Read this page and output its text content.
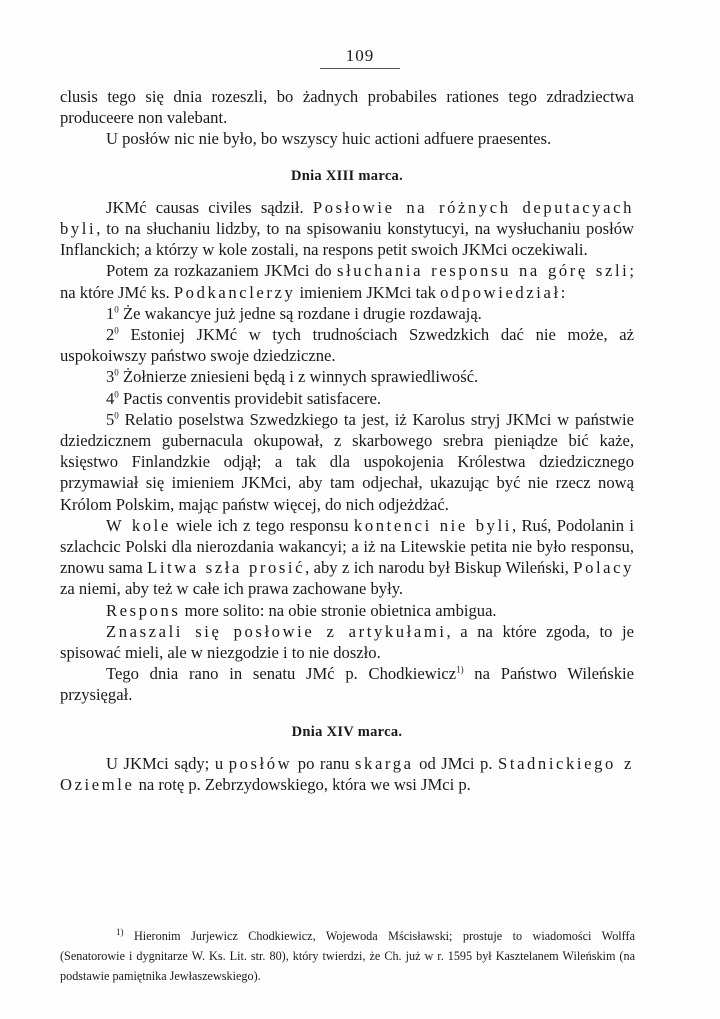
109

clusis tego się dnia rozeszli, bo żadnych probabiles rationes tego zdradziectwa produceere non valebant.

U posłów nic nie było, bo wszyscy huic actioni adfuere praesentes.

Dnia XIII marca.

JKMć causas civiles sądził. Posłowie na różnych deputacyach byli, to na słuchaniu lidzby, to na spisowaniu konstytucyi, na wysłuchaniu posłów Inflanckich; a którzy w kole zostali, na respons petit swoich JKMci oczekiwali.

Potem za rozkazaniem JKMci do słuchania responsu na górę szli; na które JMć ks. Podkanclerzy imieniem JKMci tak odpowiedział:

$1^0$ Że wakancye już jedne są rozdane i drugie rozdawają.

$2^0$ Estoniej JKMć w tych trudnościach Szwedzkich dać nie może, aż uspokoiwszy państwo swoje dziedziczne.

$3^0$ Żołnierze zniesieni będą i z winnych sprawiedliwość.

$4^0$ Pactis conventis providebit satisfacere.

$5^0$ Relatio poselstwa Szwedzkiego ta jest, iż Karolus stryj JKMci w państwie dziedzicznem gubernacula okupował, z skarbowego srebra pieniądze bić każe, księstwo Finlandzkie odjął; a tak dla uspokojenia Królestwa dziedzicznego przymawiał się imieniem JKMci, aby tam odjechał, ukazując być nie rzecz nową Królom Polskim, mając państw więcej, do nich odjeżdżać.

W kole wiele ich z tego responsu kontenci nie byli, Ruś, Podolanin i szlachcic Polski dla nierozdania wakancyi; a iż na Litewskie petita nie było responsu, znowu sama Litwa szła prosić, aby z ich narodu był Biskup Wileński, Polacy za niemi, aby też w całe ich prawa zachowane były.

Respons more solito: na obie stronie obietnica ambigua.

Znaszali się posłowie z artykułami, a na które zgoda, to je spisować mieli, ale w niezgodzie i to nie doszło.

Tego dnia rano in senatu JMć p. Chodkiewicz$^{1)}$ na Państwo Wileńskie przysięgał.

Dnia XIV marca.

U JKMci sądy; u posłów po ranu skarga od JMci p. Stadnickiego z Oziemle na rotę p. Zebrzydowskiego, która we wsi JMci p.

$^{1)}$ Hieronim Jurjewicz Chodkiewicz, Wojewoda Mścisławski; prostuje to wiadomości Wolffa (Senatorowie i dygnitarze W. Ks. Lit. str. 80), który twierdzi, że Ch. już w r. 1595 był Kasztelanem Wileńskim (na podstawie pamiętnika Jewłaszewskiego).
